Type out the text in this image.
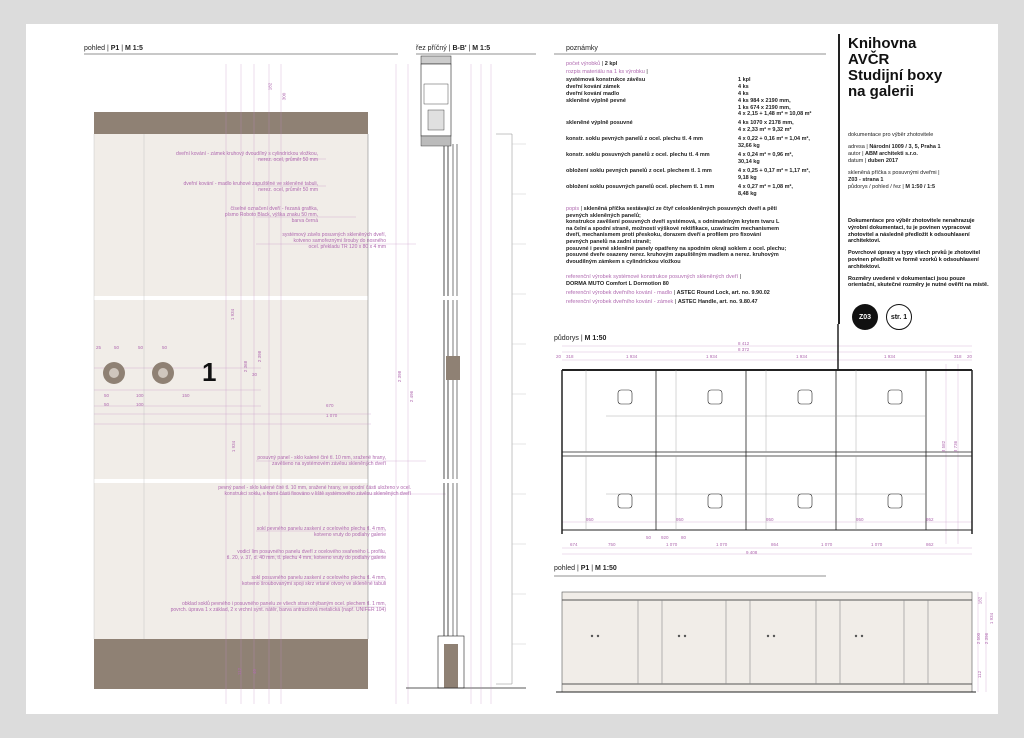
pohled | P1 | M 1:5
1
25	50	50	50
50	100	150
50	100	670
1 070
1 934
2 368
2 398
1 934
2 398
2 496
182
300
112 40
30
dveřní kování - zámek kruhový dvoudílný s cylindrickou vložkou,
nerez. ocel, průměr 50 mm
dveřní kování - madlo kruhové zapuštěné ve skleněné tabuli,
nerez. ocel, průměr 50 mm
číselné označení dveří - řezaná grafika,
písmo Roboto Black, výška znaku 50 mm,
barva černá
systémový závěs posuvných skleněných dveří,
kotveno samořeznými šrouby do nosného
ocel. překladu TR 120 x 80 x 4 mm
posuvný panel - sklo kalené čiré tl. 10 mm, sražené hrany,
zavěšeno na systémovém závěsu skleněných dveří
pevný panel - sklo kalené čiré tl. 10 mm, sražené hrany, ve spodní části uloženo v ocel.
konstrukci soklu, v horní části fixováno v liště systémového závěsu skleněných dveří
sokl pevného panelu zaskení z ocelového plechu tl. 4 mm,
kotveno vruty do podlahy galerie
vodicí lim posuvného panelu dveří z ocelového svařeného L profilu,
tl. 20, v. 37, d. 40 mm, tl. plechu 4 mm, kotveno vruty do podlahy galerie
sokl posuvného panelu zaskení z ocelového plechu tl. 4 mm,
kotveno šroubovanými spoji skrz vrtané otvory ve skleněné tabuli
obklad soklů pevného i posuvného panelu ze všech stran ohýbaným ocel. plechem tl. 1 mm,
povrch. úprava 1 x základ, 2 x vrchní synt. nátěr, barva antracitová metalická (např. UNIFER 104)
řez příčný | B-B' | M 1:5	poznámky
počet výrobků | 2 kpl
rozpis materiálu na 1 ks výrobku |
systémová konstrukce závěsu	1 kpl
dveřní kování zámek	4 ks
dveřní kování madlo	4 ks
skleněné výplně pevné	4 ks 984 x 2190 mm,
1 ks 674 x 2190 mm,
4 x 2,15 + 1,48 m² = 10,08 m²
skleněné výplně posuvné	4 ks 1070 x 2178 mm,
4 x 2,33 m² = 9,32 m²
konstr. soklu pevných panelů z ocel. plechu tl. 4 mm	4 x 0,22 + 0,16 m² = 1,04 m²,
32,66 kg
konstr. soklu posuvných panelů z ocel. plechu tl. 4 mm	4 x 0,24 m² = 0,96 m²,
30,14 kg
obložení soklu pevných panelů z ocel. plechem tl. 1 mm	4 x 0,25 + 0,17 m² = 1,17 m²,
9,18 kg
obložení soklu posuvných panelů ocel. plechem tl. 1 mm	4 x 0,27 m² = 1,08 m²,
8,48 kg
popis | skleněná příčka sestávající ze čtyř celoskleněných posuvných dveří a pěti
pevných skleněných panelů;
konstrukce zavěšení posuvných dveří systémová, s odnímatelným krytem tvaru L
na čelní a spodní straně, možností výškové rektifikace, uzavíracím mechanismem
dveří, mechanismem proti přeskoku, dorazem dveří a profilem pro fixování
pevných panelů na zadní straně;
posuvné i pevné skleněné panely opatřeny na spodním okraji soklem z ocel. plechu;
posuvné dveře osazeny nerez. kruhovým zapuštěným madlem a nerez. kruhovým
dvoudílným zámkem s cylindrickou vložkou
referenční výrobek systémové konstrukce posuvných skleněných dveří |
DORMA MUTO Comfort L Dormotion 80
referenční výrobek dveřního kování - madlo | ASTEC Round Lock, art. no. 9.90.02
referenční výrobek dveřního kování - zámek | ASTEC Handle, art. no. 9.80.47
Knihovna
AVČR
Studijní boxy
na galerii
dokumentace pro výběr zhotovitele
adresa | Národní 1009 / 3, 5, Praha 1
autor | ABM architekti s.r.o.
datum | duben 2017
skleněná příčka s posuvnými dveřmi |
Z03 - strana 1
půdorys / pohled / řez | M 1:50 / 1:5

Dokumentace pro výběr zhotovitele nenahrazuje výrobní dokumentaci, tu je povinen vypracovat zhotovitel a následně předložit k odsouhlasení architektovi.

Povrchové úpravy a typy všech prvků je zhotovitel povinen předložit ve formě vzorků k odsouhlasení architektovi.

Rozměry uvedené v dokumentaci jsou pouze orientační, skutečné rozměry je nutné ověřit na místě.

Z03	str. 1
půdorys | M 1:50
8 412
8 372
20 318	1 934	1 934	1 934	1 934	318 20
950	950	950	950	952
50 920	80
674	750	1 070	1 070	864	1 070	1 070	862
9 408
3 582 3 736
pohled | P1 | M 1:50
2 500 2 396
182
112
1 934
